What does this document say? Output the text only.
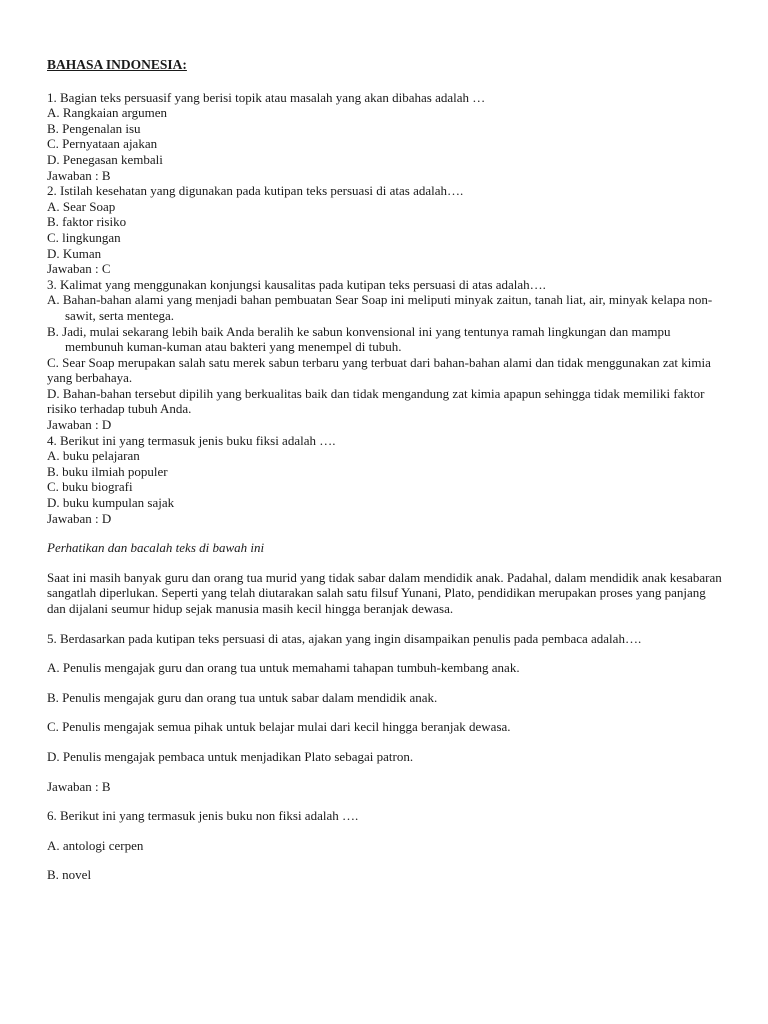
BAHASA INDONESIA:

1. Bagian teks persuasif yang berisi topik atau masalah yang akan dibahas adalah …

A. Rangkaian argumen

B. Pengenalan isu

C. Pernyataan ajakan

D. Penegasan kembali

Jawaban : B

2. Istilah kesehatan yang digunakan pada kutipan teks persuasi di atas adalah….

A. Sear Soap

B. faktor risiko

C. lingkungan

D. Kuman

Jawaban : C

3. Kalimat yang menggunakan konjungsi kausalitas pada kutipan teks persuasi di atas adalah….

A. Bahan-bahan alami yang menjadi bahan pembuatan Sear Soap ini meliputi minyak zaitun, tanah liat, air, minyak kelapa non-sawit, serta mentega.

B. Jadi, mulai sekarang lebih baik Anda beralih ke sabun konvensional ini yang tentunya ramah lingkungan dan mampu membunuh kuman-kuman atau bakteri yang menempel di tubuh.

C. Sear Soap merupakan salah satu merek sabun terbaru yang terbuat dari bahan-bahan alami dan tidak menggunakan zat kimia yang berbahaya.

D. Bahan-bahan tersebut dipilih yang berkualitas baik dan tidak mengandung zat kimia apapun sehingga tidak memiliki faktor risiko terhadap tubuh Anda.

Jawaban : D

4. Berikut ini yang termasuk jenis buku fiksi adalah ….

A. buku pelajaran

B. buku ilmiah populer

C. buku biografi

D. buku kumpulan sajak

Jawaban : D

Perhatikan dan bacalah teks di bawah ini

Saat ini masih banyak guru dan orang tua murid yang tidak sabar dalam mendidik anak. Padahal, dalam mendidik anak kesabaran sangatlah diperlukan. Seperti yang telah diutarakan salah satu filsuf Yunani, Plato, pendidikan merupakan proses yang panjang dan dijalani seumur hidup sejak manusia masih kecil hingga beranjak dewasa.

5. Berdasarkan pada kutipan teks persuasi di atas, ajakan yang ingin disampaikan penulis pada pembaca adalah….

A. Penulis mengajak guru dan orang tua untuk memahami tahapan tumbuh-kembang anak.

B. Penulis mengajak guru dan orang tua untuk sabar dalam mendidik anak.

C. Penulis mengajak semua pihak untuk belajar mulai dari kecil hingga beranjak dewasa.

D. Penulis mengajak pembaca untuk menjadikan Plato sebagai patron.

Jawaban : B

6. Berikut ini yang termasuk jenis buku non fiksi adalah ….

A. antologi cerpen

B. novel
